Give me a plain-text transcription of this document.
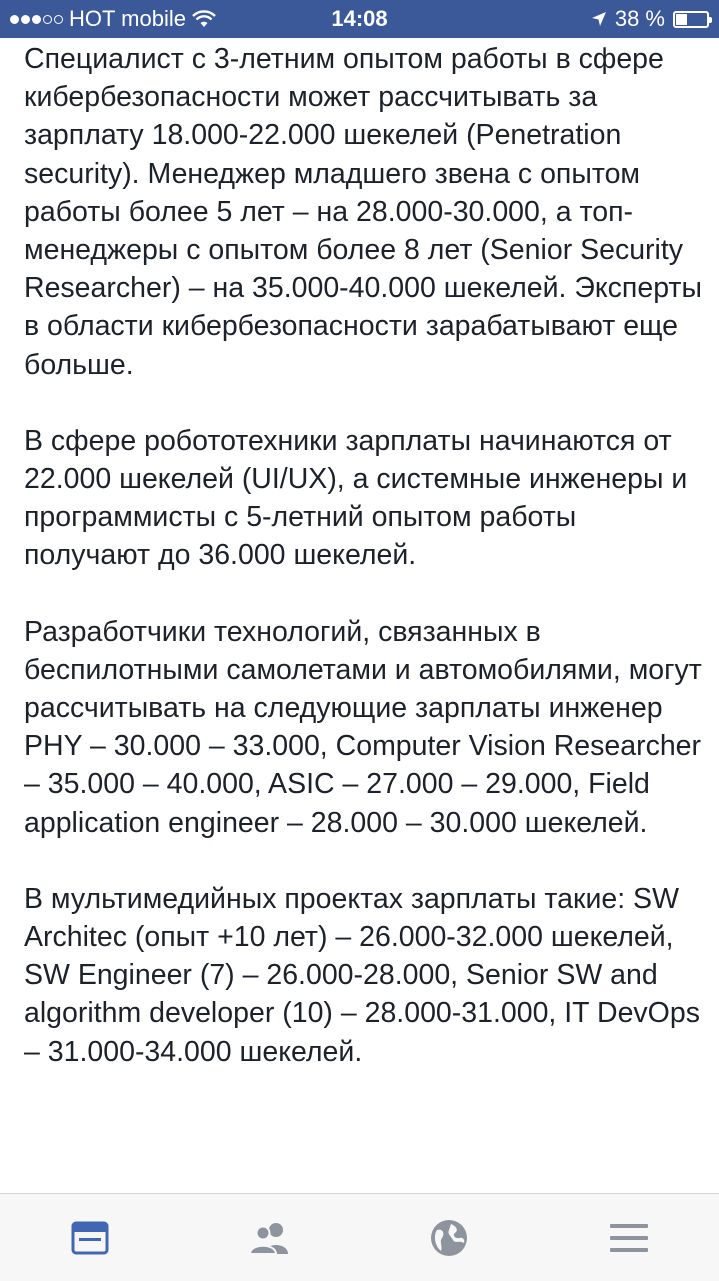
HOT mobile	14:08	38 %

Специалист с 3-летним опытом работы в сфере кибербезопасности может рассчитывать за зарплату 18.000-22.000 шекелей (Penetration security). Менеджер младшего звена с опытом работы более 5 лет – на 28.000-30.000, а топ-менеджеры с опытом более 8 лет (Senior Security Researcher) – на 35.000-40.000 шекелей. Эксперты в области кибербезопасности зарабатывают еще больше.

В сфере робототехники зарплаты начинаются от 22.000 шекелей (UI/UX), а системные инженеры и программисты с 5-летний опытом работы получают до 36.000 шекелей.

Разработчики технологий, связанных в беспилотными самолетами и автомобилями, могут рассчитывать на следующие зарплаты инженер PHY – 30.000 – 33.000, Computer Vision Researcher – 35.000 – 40.000, ASIC – 27.000 – 29.000, Field application engineer – 28.000 – 30.000 шекелей.

В мультимедийных проектах зарплаты такие: SW Architec (опыт +10 лет) – 26.000-32.000 шекелей, SW Engineer (7) – 26.000-28.000, Senior SW and algorithm developer (10) – 28.000-31.000, IT DevOps – 31.000-34.000 шекелей.
